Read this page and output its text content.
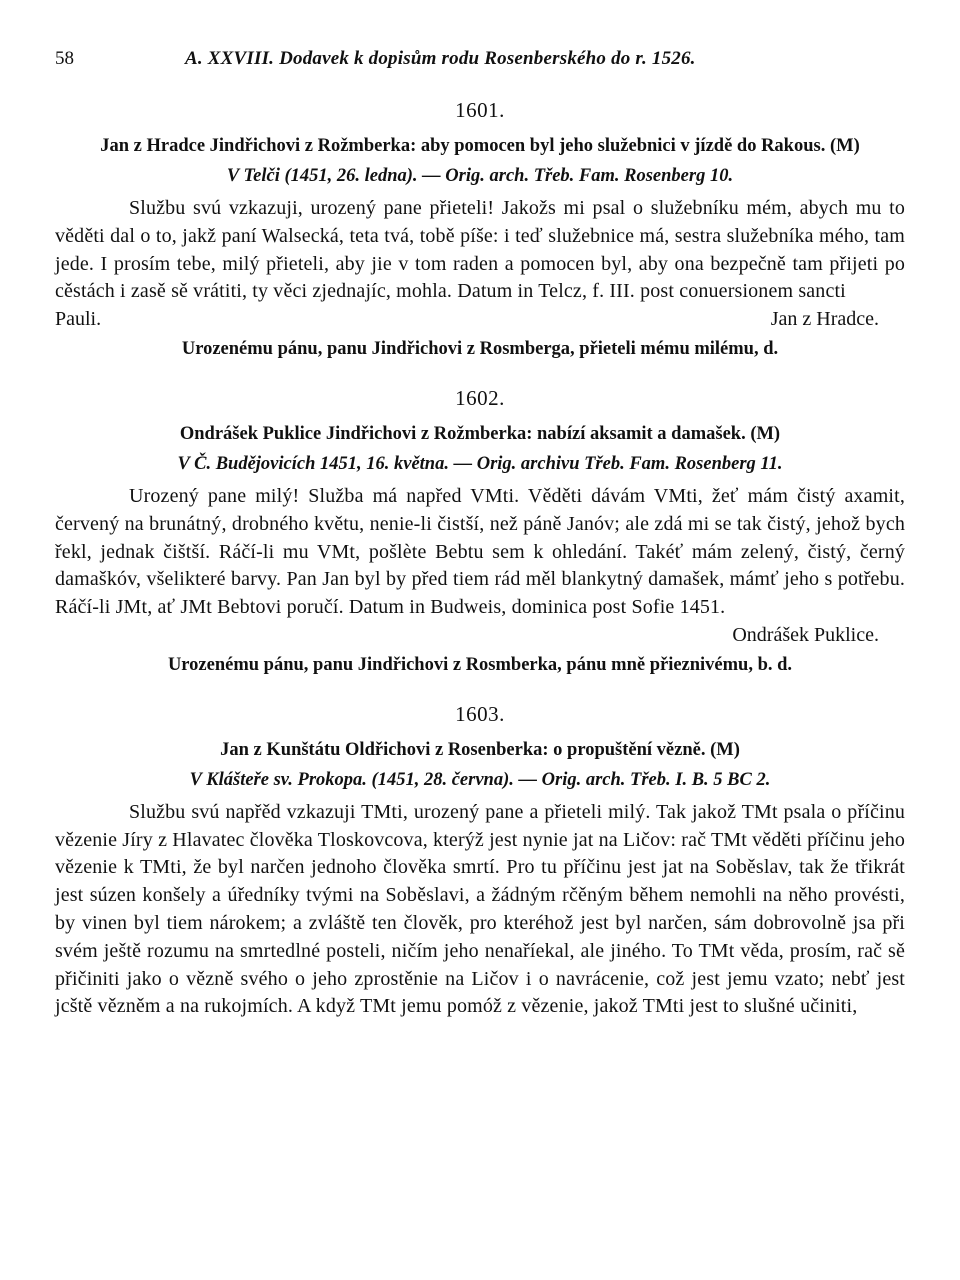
58	A. XXVIII. Dodavek k dopisům rodu Rosenberského do r. 1526.
1601.
Jan z Hradce Jindřichovi z Rožmberka: aby pomocen byl jeho služebnici v jízdě do Rakous. (M)
V Telči (1451, 26. ledna). — Orig. arch. Třeb. Fam. Rosenberg 10.

Službu svú vzkazuji, urozený pane přieteli! Jakožs mi psal o služebníku mém, abych mu to věděti dal o to, jakž paní Walsecká, teta tvá, tobě píše: i teď služebnice má, sestra služebníka mého, tam jede. I prosím tebe, milý přieteli, aby jie v tom raden a pomocen byl, aby ona bezpečně tam přijeti po cěstách i zasě sě vrátiti, ty věci zjednajíc, mohla. Datum in Telcz, f. III. post conuersionem sancti

Pauli.	Jan z Hradce.
Urozenému pánu, panu Jindřichovi z Rosmberga, přieteli mému milému, d.
1602.
Ondrášek Puklice Jindřichovi z Rožmberka: nabízí aksamit a damašek. (M)
V Č. Budějovicích 1451, 16. května. — Orig. archivu Třeb. Fam. Rosenberg 11.

Urozený pane milý! Služba má napřed VMti. Věděti dávám VMti, žeť mám čistý axamit, červený na brunátný, drobného květu, nenie-li čistší, než páně Janóv; ale zdá mi se tak čistý, jehož bych řekl, jednak čištší. Ráčí-li mu VMt, pošlète Bebtu sem k ohledání. Takéť mám zelený, čistý, černý damaškóv, všelikteré barvy. Pan Jan byl by před tiem rád měl blankytný damašek, mámť jeho s potřebu. Ráčí-li JMt, ať JMt Bebtovi poručí. Datum in Budweis, dominica post Sofie 1451.

Ondrášek Puklice.
Urozenému pánu, panu Jindřichovi z Rosmberka, pánu mně přieznivému, b. d.
1603.
Jan z Kunštátu Oldřichovi z Rosenberka: o propuštění vězně. (M)
V Klášteře sv. Prokopa. (1451, 28. června). — Orig. arch. Třeb. I. B. 5 BC 2.

Službu svú napřěd vzkazuji TMti, urozený pane a přieteli milý. Tak jakož TMt psala o příčinu vězenie Jíry z Hlavatec člověka Tloskovcova, kterýž jest nynie jat na Ličov: rač TMt věděti příčinu jeho vězenie k TMti, že byl narčen jednoho člověka smrtí. Pro tu příčinu jest jat na Soběslav, tak že třikrát jest súzen konšely a úředníky tvými na Soběslavi, a žádným rčěným během nemohli na něho provésti, by vinen byl tiem nárokem; a zvláště ten člověk, pro kteréhož jest byl narčen, sám dobrovolně jsa při svém ještě rozumu na smrtedlné posteli, ničím jeho nenaříekal, ale jiného. To TMt věda, prosím, rač sě přičiniti jako o vězně svého o jeho zprostěnie na Ličov i o navrácenie, což jest jemu vzato; nebť jest jcště vězněm a na rukojmích. A když TMt jemu pomóž z vězenie, jakož TMti jest to slušné učiniti,
